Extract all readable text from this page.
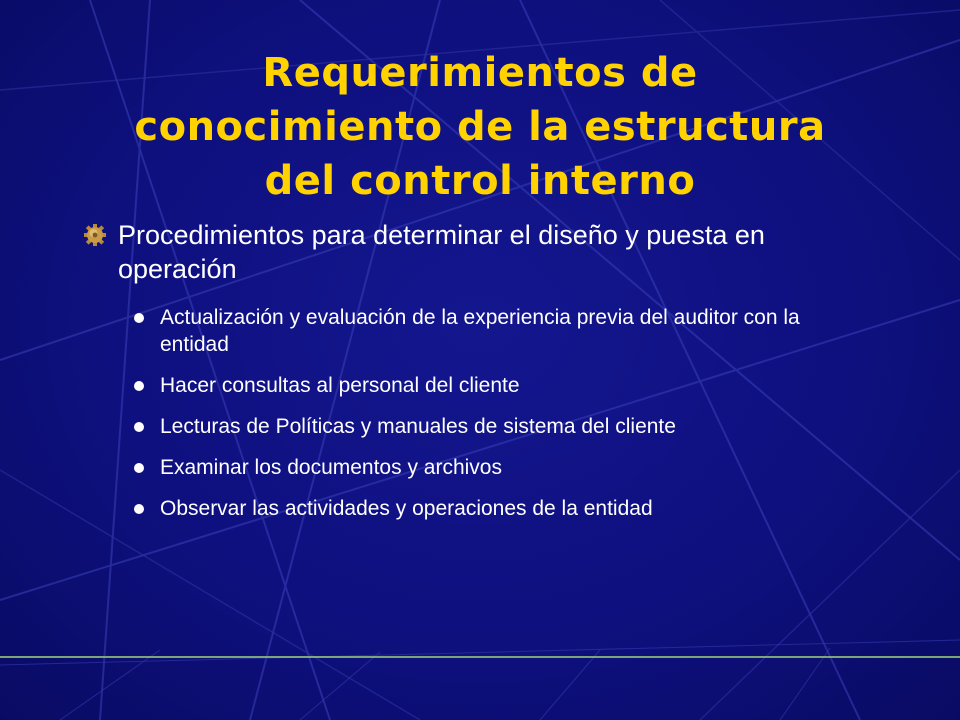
Requerimientos de
conocimiento de la estructura
del control interno
Procedimientos para determinar el diseño y puesta en operación
Actualización y evaluación de la experiencia previa del auditor con la entidad
Hacer consultas al personal del cliente
Lecturas de Políticas y manuales de sistema del cliente
Examinar los documentos y archivos
Observar las actividades y operaciones de la entidad
